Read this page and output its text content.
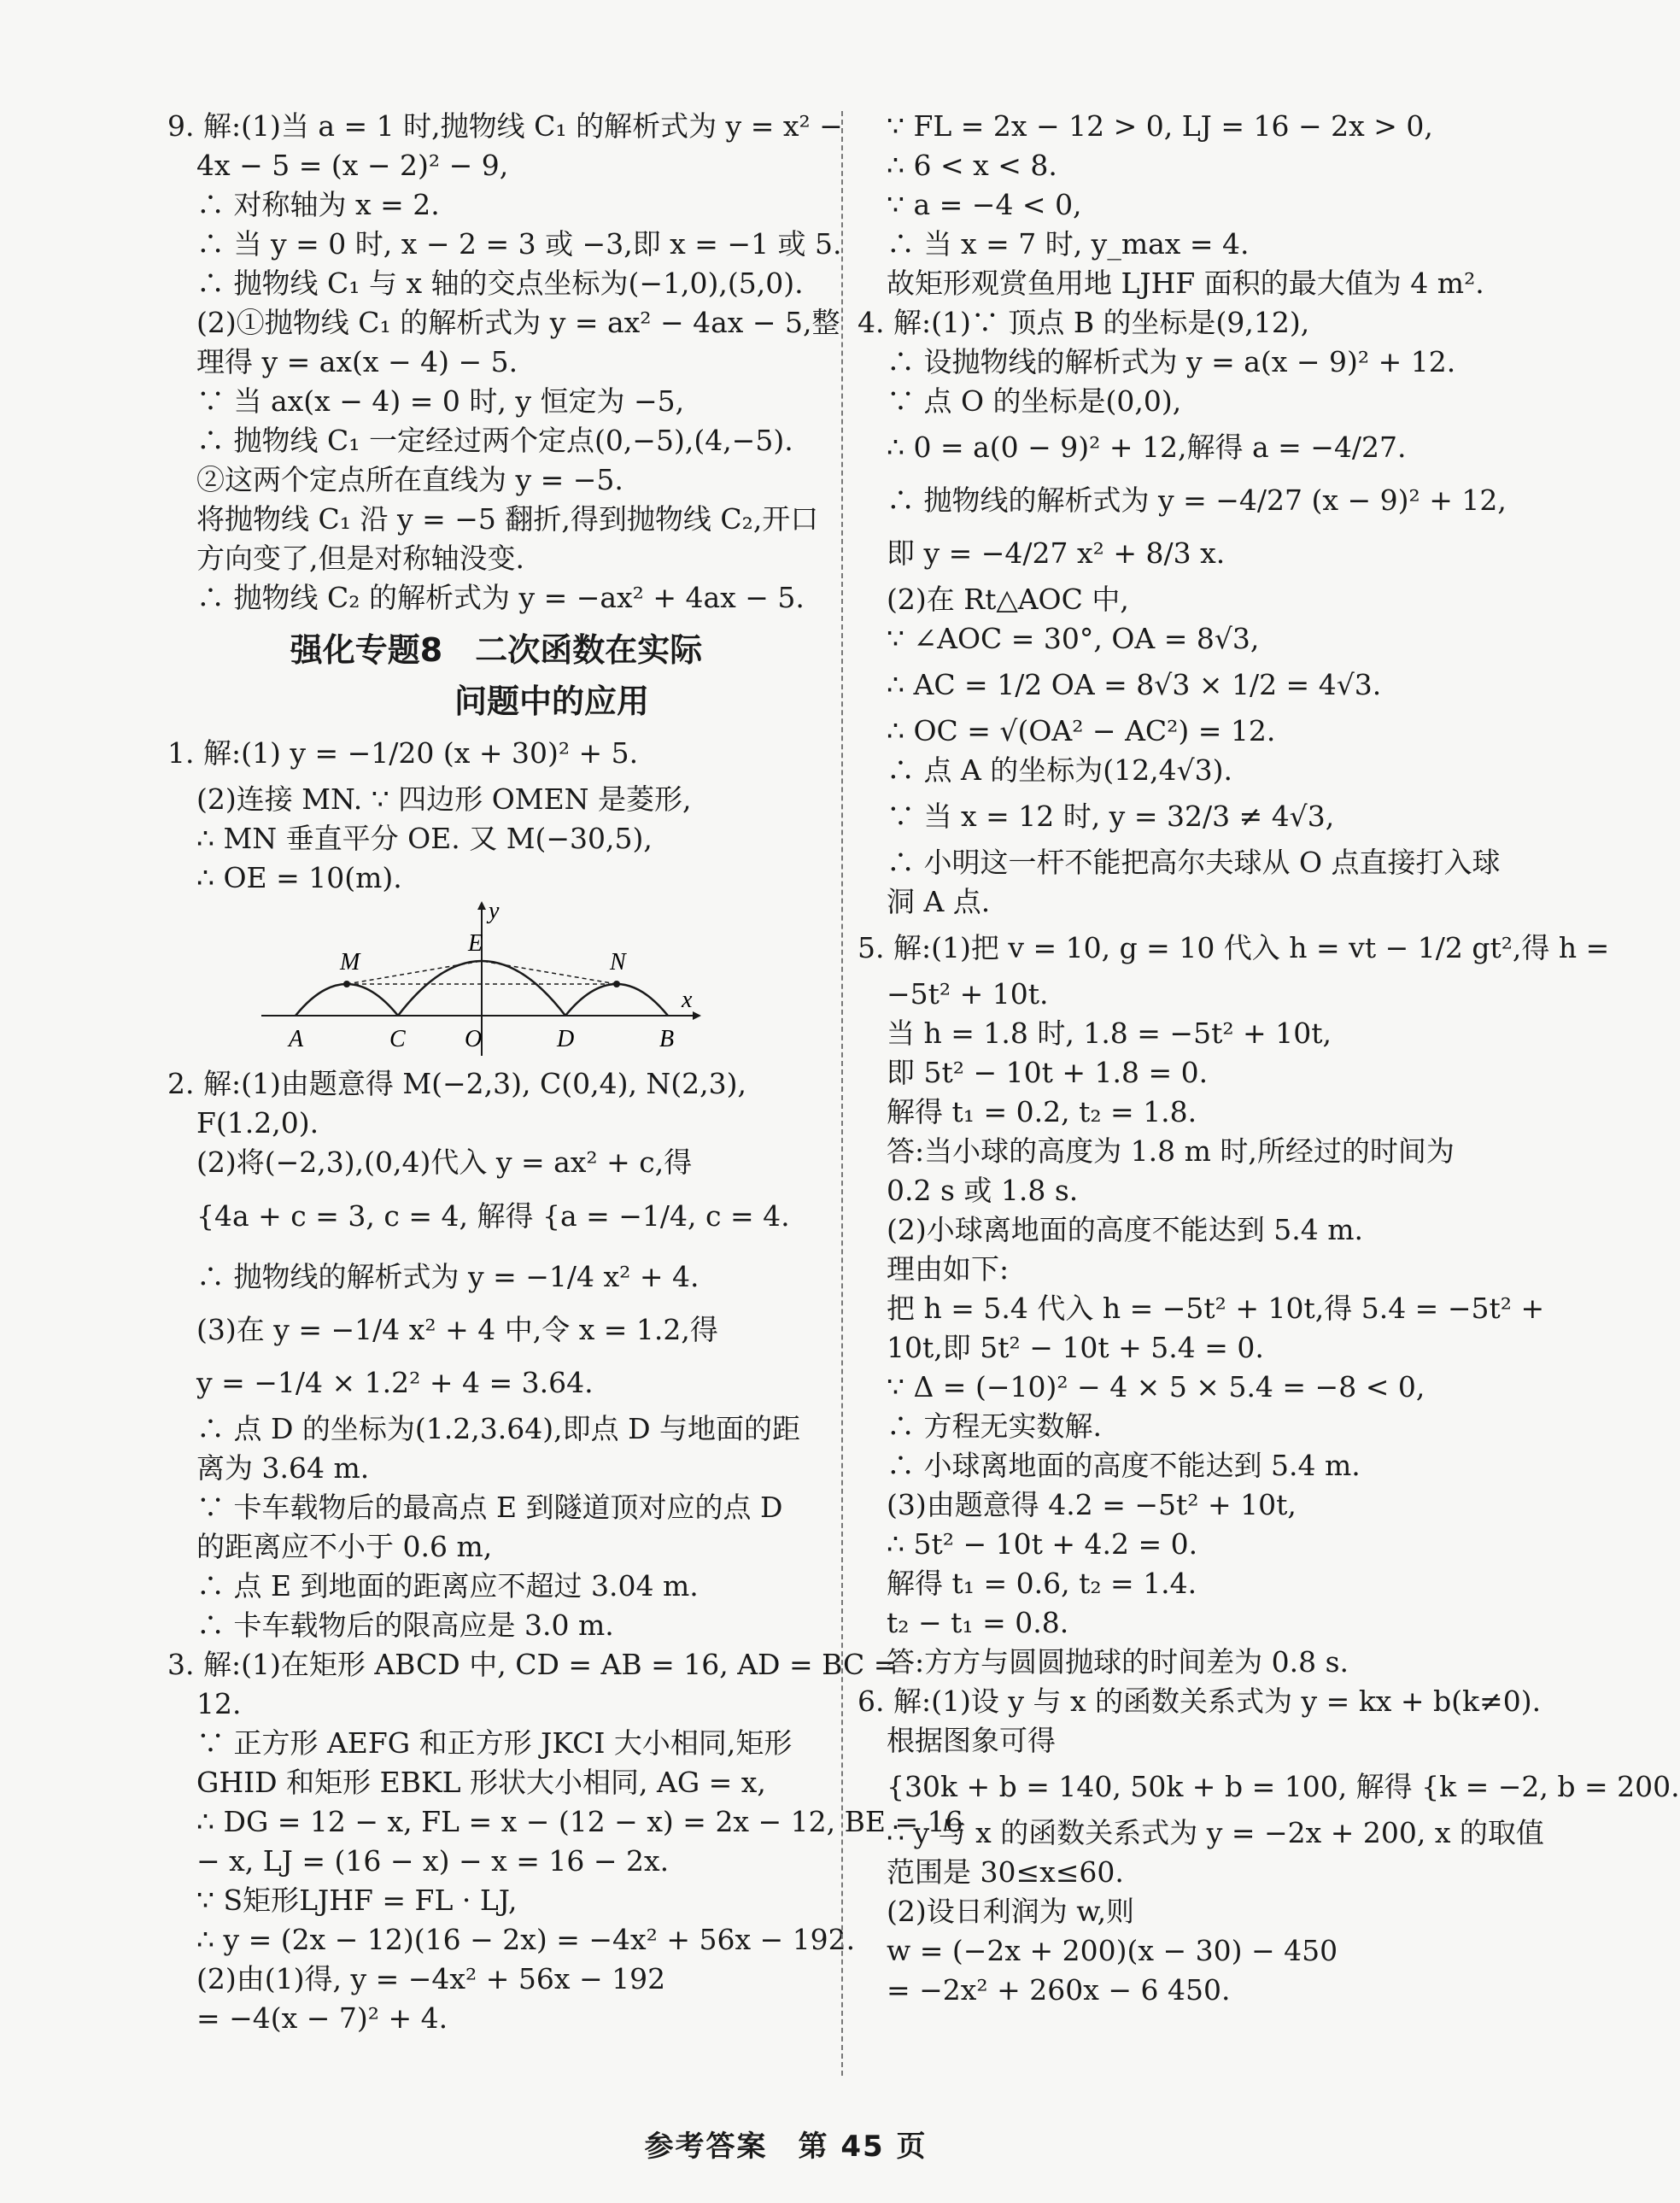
9. 解:(1)当 a = 1 时,抛物线 C₁ 的解析式为 y = x² −
4x − 5 = (x − 2)² − 9,
∴ 对称轴为 x = 2.
∴ 当 y = 0 时, x − 2 = 3 或 −3,即 x = −1 或 5.
∴ 抛物线 C₁ 与 x 轴的交点坐标为(−1,0),(5,0).
(2)①抛物线 C₁ 的解析式为 y = ax² − 4ax − 5,整
理得 y = ax(x − 4) − 5.
∵ 当 ax(x − 4) = 0 时, y 恒定为 −5,
∴ 抛物线 C₁ 一定经过两个定点(0,−5),(4,−5).
②这两个定点所在直线为 y = −5.
将抛物线 C₁ 沿 y = −5 翻折,得到抛物线 C₂,开口
方向变了,但是对称轴没变.
∴ 抛物线 C₂ 的解析式为 y = −ax² + 4ax − 5.
强化专题8　二次函数在实际
问题中的应用
1. 解:(1) y = −1/20 (x + 30)² + 5.
(2)连接 MN. ∵ 四边形 OMEN 是菱形,
∴ MN 垂直平分 OE. 又 M(−30,5),
∴ OE = 10(m).
y
x
M	N
E
A	C O	D	B
2. 解:(1)由题意得 M(−2,3), C(0,4), N(2,3),
F(1.2,0).
(2)将(−2,3),(0,4)代入 y = ax² + c,得
{4a + c = 3, c = 4, 解得 {a = −1/4, c = 4.
∴ 抛物线的解析式为 y = −1/4 x² + 4.
(3)在 y = −1/4 x² + 4 中,令 x = 1.2,得
y = −1/4 × 1.2² + 4 = 3.64.
∴ 点 D 的坐标为(1.2,3.64),即点 D 与地面的距
离为 3.64 m.
∵ 卡车载物后的最高点 E 到隧道顶对应的点 D
的距离应不小于 0.6 m,
∴ 点 E 到地面的距离应不超过 3.04 m.
∴ 卡车载物后的限高应是 3.0 m.
3. 解:(1)在矩形 ABCD 中, CD = AB = 16, AD = BC =
12.
∵ 正方形 AEFG 和正方形 JKCI 大小相同,矩形
GHID 和矩形 EBKL 形状大小相同, AG = x,
∴ DG = 12 − x, FL = x − (12 − x) = 2x − 12, BE = 16
− x, LJ = (16 − x) − x = 16 − 2x.
∵ S矩形LJHF = FL · LJ,
∴ y = (2x − 12)(16 − 2x) = −4x² + 56x − 192.
(2)由(1)得, y = −4x² + 56x − 192
= −4(x − 7)² + 4.
∵ FL = 2x − 12 > 0, LJ = 16 − 2x > 0,
∴ 6 < x < 8.
∵ a = −4 < 0,
∴ 当 x = 7 时, y_max = 4.
故矩形观赏鱼用地 LJHF 面积的最大值为 4 m².
4. 解:(1)∵ 顶点 B 的坐标是(9,12),
∴ 设抛物线的解析式为 y = a(x − 9)² + 12.
∵ 点 O 的坐标是(0,0),
∴ 0 = a(0 − 9)² + 12,解得 a = −4/27.
∴ 抛物线的解析式为 y = −4/27 (x − 9)² + 12,
即 y = −4/27 x² + 8/3 x.
(2)在 Rt△AOC 中,
∵ ∠AOC = 30°, OA = 8√3,
∴ AC = 1/2 OA = 8√3 × 1/2 = 4√3.
∴ OC = √(OA² − AC²) = 12.
∴ 点 A 的坐标为(12,4√3).
∵ 当 x = 12 时, y = 32/3 ≠ 4√3,
∴ 小明这一杆不能把高尔夫球从 O 点直接打入球
洞 A 点.
5. 解:(1)把 v = 10, g = 10 代入 h = vt − 1/2 gt²,得 h =
−5t² + 10t.
当 h = 1.8 时, 1.8 = −5t² + 10t,
即 5t² − 10t + 1.8 = 0.
解得 t₁ = 0.2, t₂ = 1.8.
答:当小球的高度为 1.8 m 时,所经过的时间为
0.2 s 或 1.8 s.
(2)小球离地面的高度不能达到 5.4 m.
理由如下:
把 h = 5.4 代入 h = −5t² + 10t,得 5.4 = −5t² +
10t,即 5t² − 10t + 5.4 = 0.
∵ Δ = (−10)² − 4 × 5 × 5.4 = −8 < 0,
∴ 方程无实数解.
∴ 小球离地面的高度不能达到 5.4 m.
(3)由题意得 4.2 = −5t² + 10t,
∴ 5t² − 10t + 4.2 = 0.
解得 t₁ = 0.6, t₂ = 1.4.
t₂ − t₁ = 0.8.
答:方方与圆圆抛球的时间差为 0.8 s.
6. 解:(1)设 y 与 x 的函数关系式为 y = kx + b(k≠0).
根据图象可得
{30k + b = 140, 50k + b = 100, 解得 {k = −2, b = 200.
∴ y 与 x 的函数关系式为 y = −2x + 200, x 的取值
范围是 30≤x≤60.
(2)设日利润为 w,则
w = (−2x + 200)(x − 30) − 450
= −2x² + 260x − 6 450.
参考答案　第 45 页
